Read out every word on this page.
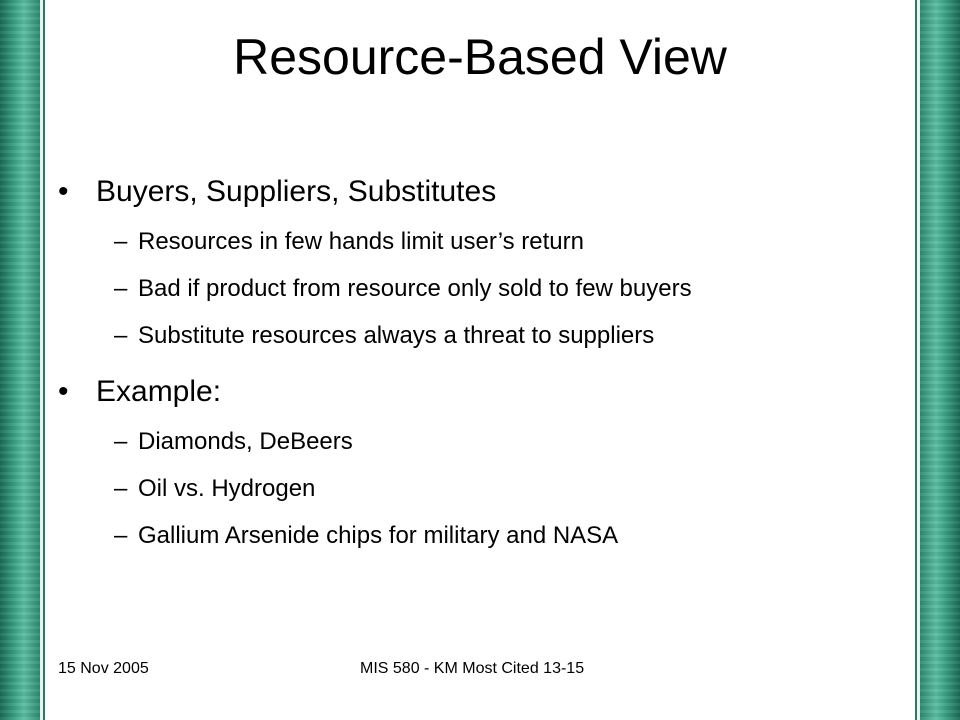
Resource-Based View
• Buyers, Suppliers, Substitutes
– Resources in few hands limit user’s return
– Bad if product from resource only sold to few buyers
– Substitute resources always a threat to suppliers
• Example:
– Diamonds, DeBeers
– Oil vs. Hydrogen
– Gallium Arsenide chips for military and NASA
15 Nov 2005	MIS 580 - KM Most Cited 13-15
